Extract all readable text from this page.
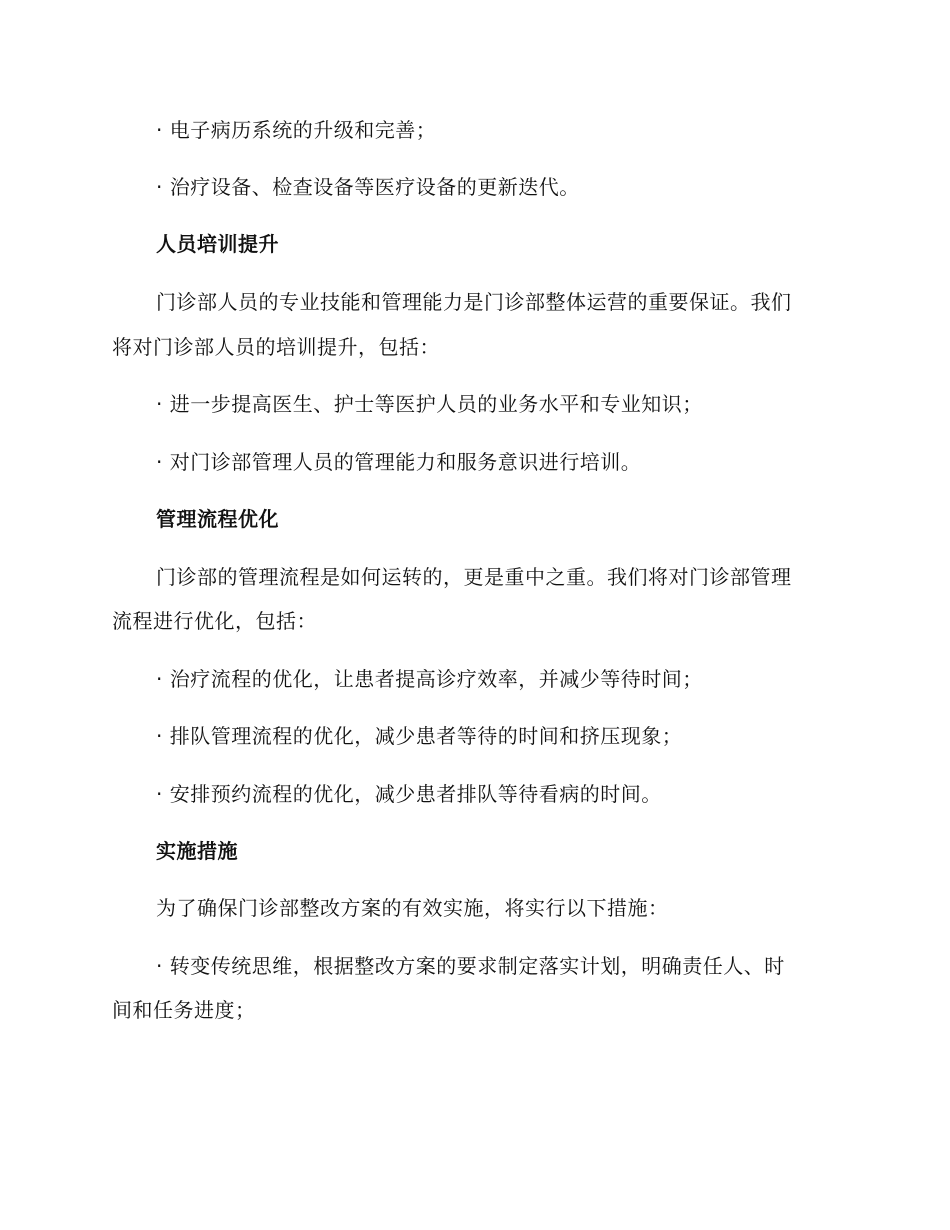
· 电子病历系统的升级和完善；
· 治疗设备、检查设备等医疗设备的更新迭代。
人员培训提升
门诊部人员的专业技能和管理能力是门诊部整体运营的重要保证。我们
将对门诊部人员的培训提升，包括：
· 进一步提高医生、护士等医护人员的业务水平和专业知识；
· 对门诊部管理人员的管理能力和服务意识进行培训。
管理流程优化
门诊部的管理流程是如何运转的，更是重中之重。我们将对门诊部管理
流程进行优化，包括：
· 治疗流程的优化，让患者提高诊疗效率，并减少等待时间；
· 排队管理流程的优化，减少患者等待的时间和挤压现象；
· 安排预约流程的优化，减少患者排队等待看病的时间。
实施措施
为了确保门诊部整改方案的有效实施，将实行以下措施：
· 转变传统思维，根据整改方案的要求制定落实计划，明确责任人、时
间和任务进度；
